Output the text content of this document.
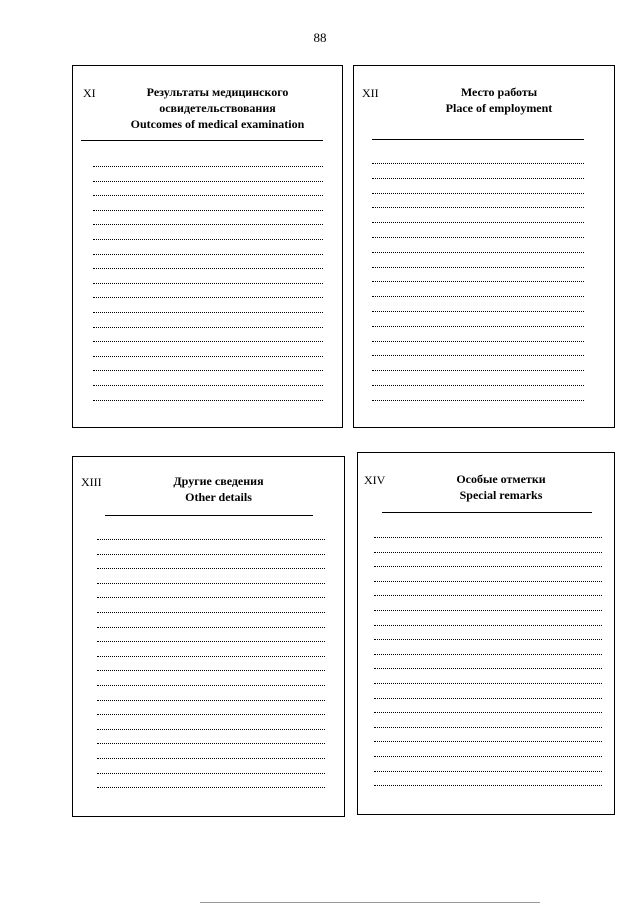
88
XI	Результаты медицинского
освидетельствования
Outcomes of medical examination
XII	Место работы
Place of employment
XIII	Другие сведения
Other details
XIV	Особые отметки
Special remarks
